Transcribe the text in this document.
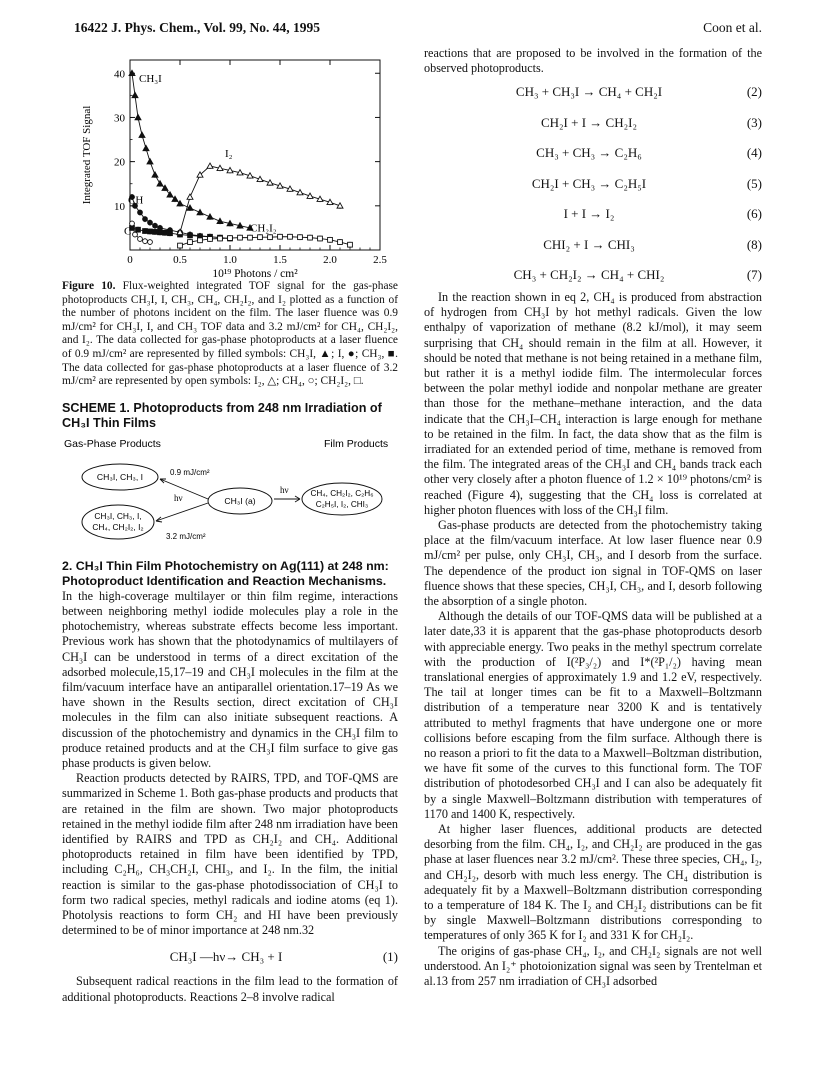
16422 J. Phys. Chem., Vol. 99, No. 44, 1995	Coon et al.
0	0.5	1.0	1.5	2.0	2.5
10
20
30
40
Integrated TOF Signal
10¹⁹ Photons / cm²
CH₃I
I₂
CH
C	CH₂I₂
Figure 10. Flux-weighted integrated TOF signal for the gas-phase photoproducts CH₃I, I, CH₃, CH₄, CH₂I₂, and I₂ plotted as a function of the number of photons incident on the film. The laser fluence was 0.9 mJ/cm² for CH₃I, I, and CH₃ TOF data and 3.2 mJ/cm² for CH₄, CH₂I₂, and I₂. The data collected for gas-phase photoproducts at a laser fluence of 0.9 mJ/cm² are represented by filled symbols: CH₃I, ▲; I, ●; CH₃, ■. The data collected for gas-phase photoproducts at a laser fluence of 3.2 mJ/cm² are represented by open symbols: I₂, △; CH₄, ○; CH₂I₂, □.
SCHEME 1. Photoproducts from 248 nm Irradiation of CH₃I Thin Films
Gas-Phase Products	Film Products
CH₃I, CH₃, I
CH₃I, CH₃, I,
CH₄, CH₂I₂, I₂
CH₃I (a)
CH₄, CH₂I₂, C₂H₆
C₂H₅I, I₂, CHI₃
0.9 mJ/cm²
hν
3.2 mJ/cm²
hν
2. CH₃I Thin Film Photochemistry on Ag(111) at 248 nm: Photoproduct Identification and Reaction Mechanisms.

In the high-coverage multilayer or thin film regime, interactions between neighboring methyl iodide molecules play a role in the photochemistry, whereas substrate effects become less important. Previous work has shown that the photodynamics of multilayers of CH₃I can be understood in terms of a direct excitation of the adsorbed molecule,15,17–19 and CH₃I molecules in the film at the film/vacuum interface have an antiparallel orientation.17–19 As we have shown in the Results section, direct excitation of CH₃I molecules in the film can also initiate subsequent reactions. A discussion of the photochemistry and dynamics in the CH₃I film to produce retained products and at the CH₃I film surface to give gas phase products is given below.

Reaction products detected by RAIRS, TPD, and TOF-QMS are summarized in Scheme 1. Both gas-phase products and products that are retained in the film are shown. Two major photoproducts retained in the methyl iodide film after 248 nm irradiation have been identified by RAIRS and TPD as CH₂I₂ and CH₄. Additional photoproducts retained in film have been identified by TPD, including C₂H₆, CH₃CH₂I, CHI₃, and I₂. In the film, the initial reaction is similar to the gas-phase photodissociation of CH₃I to form two radical species, methyl radicals and iodine atoms (eq 1). Photolysis reactions to form CH₂ and HI have been previously determined to be of minor importance at 248 nm.32

CH₃I —hν→ CH₃ + I	(1)

Subsequent radical reactions in the film lead to the formation of additional photoproducts. Reactions 2–8 involve radical

reactions that are proposed to be involved in the formation of the observed photoproducts.

CH₃ + CH₃I → CH₄ + CH₂I	(2)
CH₂I + I → CH₂I₂	(3)
CH₃ + CH₃ → C₂H₆	(4)
CH₂I + CH₃ → C₂H₅I	(5)
I + I → I₂	(6)
CHI₂ + I → CHI₃	(8)
CH₃ + CH₂I₂ → CH₄ + CHI₂	(7)

In the reaction shown in eq 2, CH₄ is produced from abstraction of hydrogen from CH₃I by hot methyl radicals. Given the low enthalpy of vaporization of methane (8.2 kJ/mol), it may seem surprising that CH₄ should remain in the film at all. However, it should be noted that methane is not being retained in a methane film, but rather it is a methyl iodide film. The intermolecular forces between the polar methyl iodide and nonpolar methane are greater than those for the methane–methane interaction, and the data indicate that the CH₃I–CH₄ interaction is large enough for methane to be retained in the film. In fact, the data show that as the film is irradiated for an extended period of time, methane is removed from the film. The integrated areas of the CH₃I and CH₄ bands track each other very closely after a photon fluence of 1.2 × 10¹⁹ photons/cm² is reached (Figure 4), suggesting that the CH₄ loss is correlated at higher photon fluences with loss of the CH₃I film.

Gas-phase products are detected from the photochemistry taking place at the film/vacuum interface. At low laser fluence near 0.9 mJ/cm² per pulse, only CH₃I, CH₃, and I desorb from the surface. The dependence of the product ion signal in TOF-QMS on laser fluence shows that these species, CH₃I, CH₃, and I, desorb following the absorption of a single photon.

Although the details of our TOF-QMS data will be published at a later date,33 it is apparent that the gas-phase photoproducts desorb with appreciable energy. Two peaks in the methyl spectrum correlate with the production of I(²P₃/₂) and I*(²P₁/₂) having mean translational energies of approximately 1.9 and 1.2 eV, respectively. The tail at longer times can be fit to a Maxwell–Boltzmann distribution of a temperature near 3200 K and is tentatively attributed to methyl fragments that have undergone one or more collisions before escaping from the film surface. Although there is no reason a priori to fit the data to a Maxwell–Boltzman distribution, we have fit some of the curves to this functional form. The TOF distribution of photodesorbed CH₃I and I can also be adequately fit by a single Maxwell–Boltzmann distribution with temperatures of 1170 and 1400 K, respectively.

At higher laser fluences, additional products are detected desorbing from the film. CH₄, I₂, and CH₂I₂ are produced in the gas phase at laser fluences near 3.2 mJ/cm². These three species, CH₄, I₂, and CH₂I₂, desorb with much less energy. The CH₄ distribution is adequately fit by a Maxwell–Boltzmann distribution corresponding to a temperature of 184 K. The I₂ and CH₂I₂ distributions can be fit by single Maxwell–Boltzmann distributions corresponding to temperatures of only 365 K for I₂ and 331 K for CH₂I₂.

The origins of gas-phase CH₄, I₂, and CH₂I₂ signals are not well understood. An I₂⁺ photoionization signal was seen by Trentelman et al.13 from 257 nm irradiation of CH₃I adsorbed
